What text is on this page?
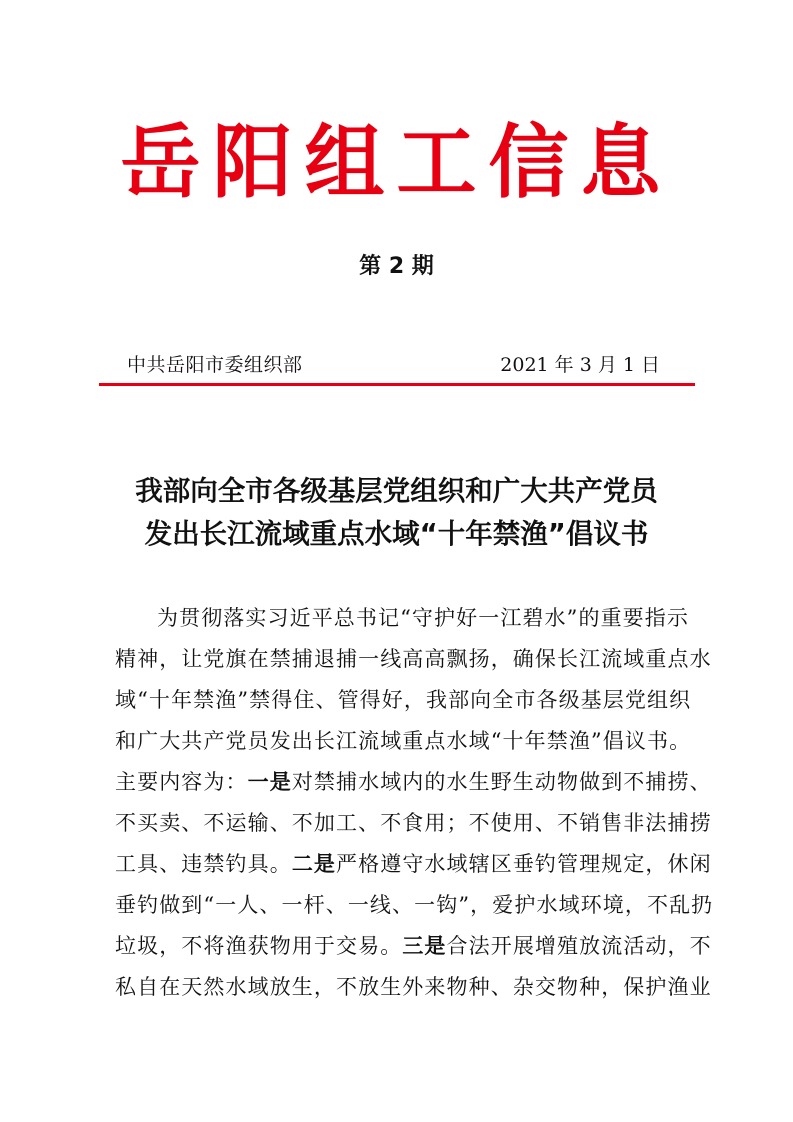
岳阳组工信息
第 2 期
中共岳阳市委组织部	2021 年 3 月 1 日
我部向全市各级基层党组织和广大共产党员
发出长江流域重点水域“十年禁渔”倡议书
为贯彻落实习近平总书记“守护好一江碧水”的重要指示
精神，让党旗在禁捕退捕一线高高飘扬，确保长江流域重点水
域“十年禁渔”禁得住、管得好，我部向全市各级基层党组织
和广大共产党员发出长江流域重点水域“十年禁渔”倡议书。
主要内容为：一是对禁捕水域内的水生野生动物做到不捕捞、
不买卖、不运输、不加工、不食用；不使用、不销售非法捕捞
工具、违禁钓具。二是严格遵守水域辖区垂钓管理规定，休闲
垂钓做到“一人、一杆、一线、一钩”，爱护水域环境，不乱扔
垃圾，不将渔获物用于交易。三是合法开展增殖放流活动，不
私自在天然水域放生，不放生外来物种、杂交物种，保护渔业
